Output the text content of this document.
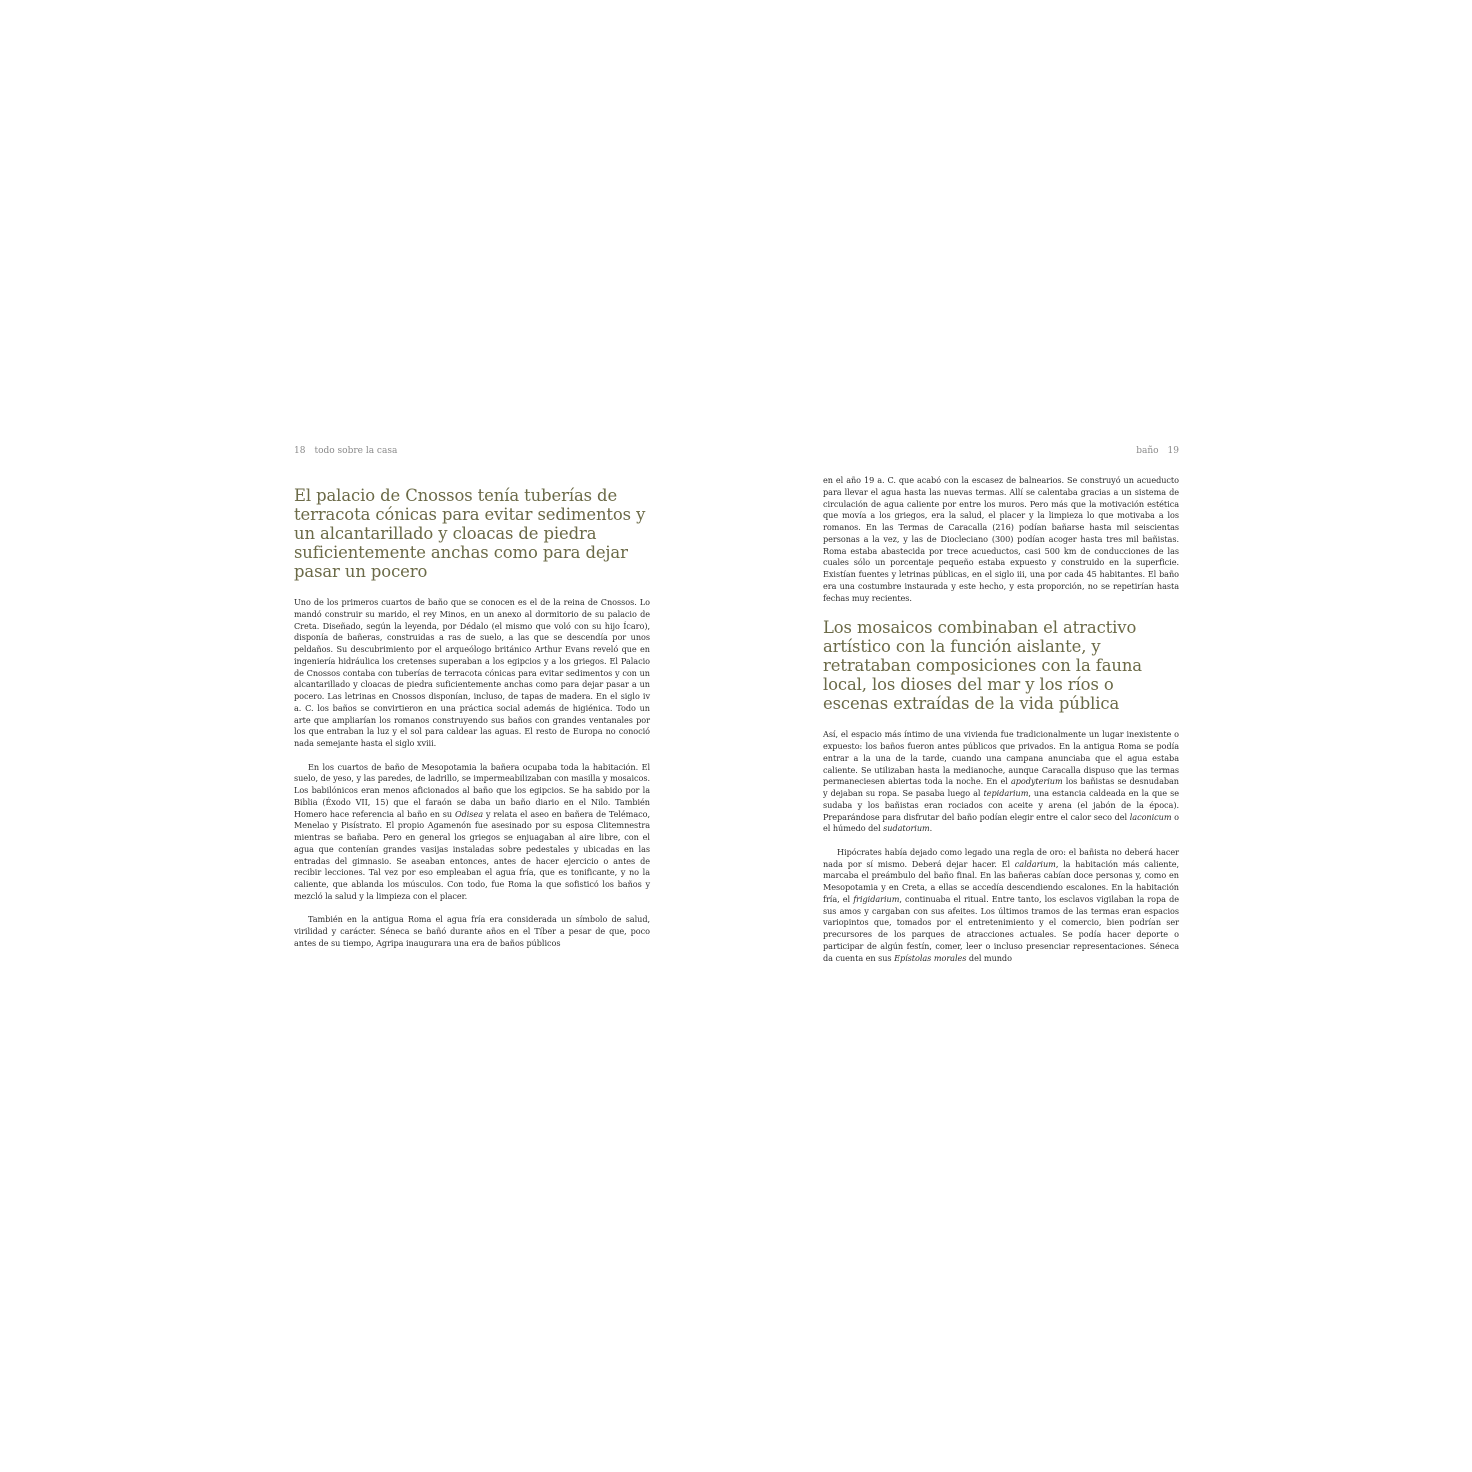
18 todo sobre la casa
El palacio de Cnossos tenía tuberías de terracota cónicas para evitar sedimentos y un alcantarillado y cloacas de piedra suficientemente anchas como para dejar pasar un pocero

Uno de los primeros cuartos de baño que se conocen es el de la reina de Cnossos. Lo mandó construir su marido, el rey Minos, en un anexo al dormitorio de su palacio de Creta. Diseñado, según la leyenda, por Dédalo (el mismo que voló con su hijo Ícaro), disponía de bañeras, construidas a ras de suelo, a las que se descendía por unos peldaños. Su descubrimiento por el arqueólogo británico Arthur Evans reveló que en ingeniería hidráulica los cretenses superaban a los egipcios y a los griegos. El Palacio de Cnossos contaba con tuberías de terracota cónicas para evitar sedimentos y con un alcantarillado y cloacas de piedra suficientemente anchas como para dejar pasar a un pocero. Las letrinas en Cnossos disponían, incluso, de tapas de madera. En el siglo iv a. C. los baños se convirtieron en una práctica social además de higiénica. Todo un arte que ampliarían los romanos construyendo sus baños con grandes ventanales por los que entraban la luz y el sol para caldear las aguas. El resto de Europa no conoció nada semejante hasta el siglo xviii.

En los cuartos de baño de Mesopotamia la bañera ocupaba toda la habitación. El suelo, de yeso, y las paredes, de ladrillo, se impermeabilizaban con masilla y mosaicos. Los babilónicos eran menos aficionados al baño que los egipcios. Se ha sabido por la Biblia (Éxodo VII, 15) que el faraón se daba un baño diario en el Nilo. También Homero hace referencia al baño en su Odisea y relata el aseo en bañera de Telémaco, Menelao y Pisístrato. El propio Agamenón fue asesinado por su esposa Clitemnestra mientras se bañaba. Pero en general los griegos se enjuagaban al aire libre, con el agua que contenían grandes vasijas instaladas sobre pedestales y ubicadas en las entradas del gimnasio. Se aseaban entonces, antes de hacer ejercicio o antes de recibir lecciones. Tal vez por eso empleaban el agua fría, que es tonificante, y no la caliente, que ablanda los músculos. Con todo, fue Roma la que sofisticó los baños y mezcló la salud y la limpieza con el placer.

También en la antigua Roma el agua fría era considerada un símbolo de salud, virilidad y carácter. Séneca se bañó durante años en el Tíber a pesar de que, poco antes de su tiempo, Agripa inaugurara una era de baños públicos

baño 19

en el año 19 a. C. que acabó con la escasez de balnearios. Se construyó un acueducto para llevar el agua hasta las nuevas termas. Allí se calentaba gracias a un sistema de circulación de agua caliente por entre los muros. Pero más que la motivación estética que movía a los griegos, era la salud, el placer y la limpieza lo que motivaba a los romanos. En las Termas de Caracalla (216) podían bañarse hasta mil seiscientas personas a la vez, y las de Diocleciano (300) podían acoger hasta tres mil bañistas. Roma estaba abastecida por trece acueductos, casi 500 km de conducciones de las cuales sólo un porcentaje pequeño estaba expuesto y construido en la superficie. Existían fuentes y letrinas públicas, en el siglo iii, una por cada 45 habitantes. El baño era una costumbre instaurada y este hecho, y esta proporción, no se repetirían hasta fechas muy recientes.

Los mosaicos combinaban el atractivo artístico con la función aislante, y retrataban composiciones con la fauna local, los dioses del mar y los ríos o escenas extraídas de la vida pública

Así, el espacio más íntimo de una vivienda fue tradicionalmente un lugar inexistente o expuesto: los baños fueron antes públicos que privados. En la antigua Roma se podía entrar a la una de la tarde, cuando una campana anunciaba que el agua estaba caliente. Se utilizaban hasta la medianoche, aunque Caracalla dispuso que las termas permaneciesen abiertas toda la noche. En el apodyterium los bañistas se desnudaban y dejaban su ropa. Se pasaba luego al tepidarium, una estancia caldeada en la que se sudaba y los bañistas eran rociados con aceite y arena (el jabón de la época). Preparándose para disfrutar del baño podían elegir entre el calor seco del laconicum o el húmedo del sudatorium.

Hipócrates había dejado como legado una regla de oro: el bañista no deberá hacer nada por sí mismo. Deberá dejar hacer. El caldarium, la habitación más caliente, marcaba el preámbulo del baño final. En las bañeras cabían doce personas y, como en Mesopotamia y en Creta, a ellas se accedía descendiendo escalones. En la habitación fría, el frigidarium, continuaba el ritual. Entre tanto, los esclavos vigilaban la ropa de sus amos y cargaban con sus afeites. Los últimos tramos de las termas eran espacios variopintos que, tomados por el entretenimiento y el comercio, bien podrían ser precursores de los parques de atracciones actuales. Se podía hacer deporte o participar de algún festín, comer, leer o incluso presenciar representaciones. Séneca da cuenta en sus Epístolas morales del mundo
